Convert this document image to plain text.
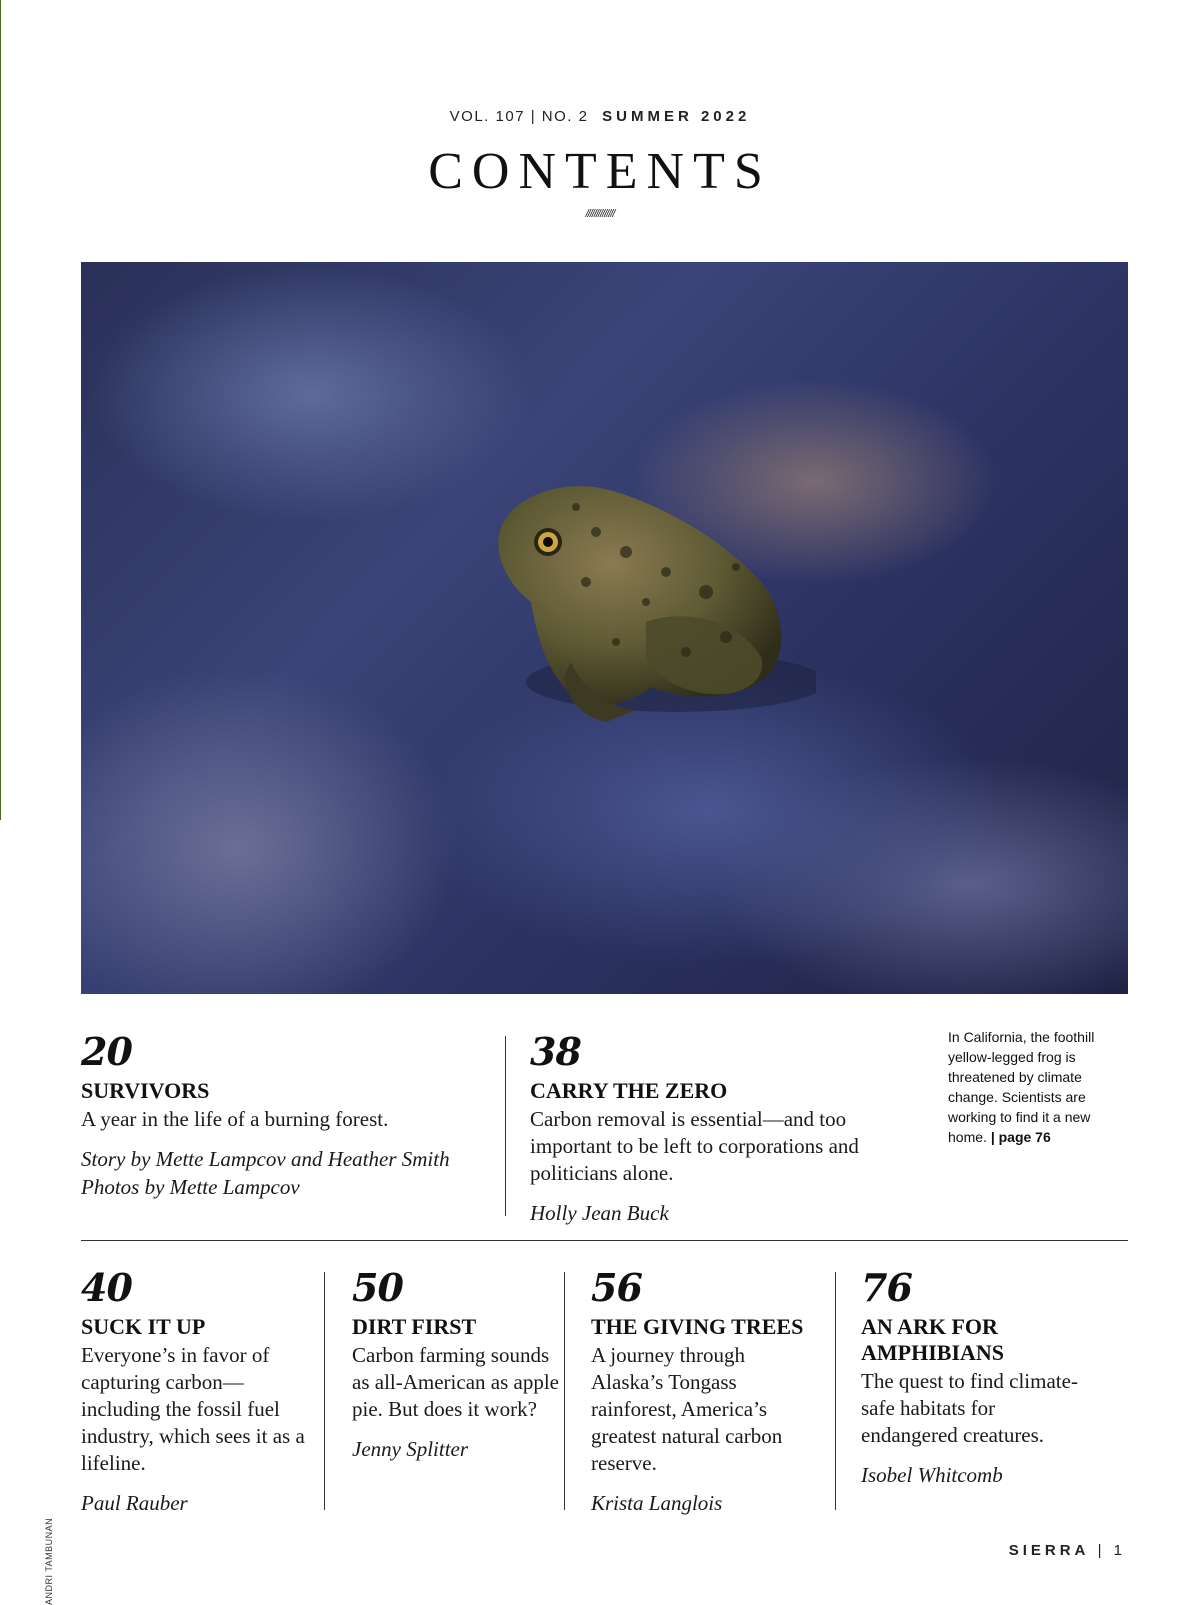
VOL. 107 | NO. 2 SUMMER 2022
CONTENTS
//////////////
20
SURVIVORS
A year in the life of a burning forest.
Story by Mette Lampcov and Heather Smith
Photos by Mette Lampcov
38
CARRY THE ZERO
Carbon removal is essential—and too important to be left to corporations and politicians alone.
Holly Jean Buck
In California, the foothill yellow-legged frog is threatened by climate change. Scientists are working to find it a new home. | page 76
40
SUCK IT UP
Everyone’s in favor of capturing carbon—including the fossil fuel industry, which sees it as a lifeline.
Paul Rauber
50
DIRT FIRST
Carbon farming sounds as all-American as apple pie. But does it work?
Jenny Splitter
56
THE GIVING TREES
A journey through Alaska’s Tongass rainforest, America’s greatest natural carbon reserve.
Krista Langlois
76
AN ARK FOR AMPHIBIANS
The quest to find climate-safe habitats for endangered creatures.
Isobel Whitcomb
ANDRI TAMBUNAN	SIERRA | 1
